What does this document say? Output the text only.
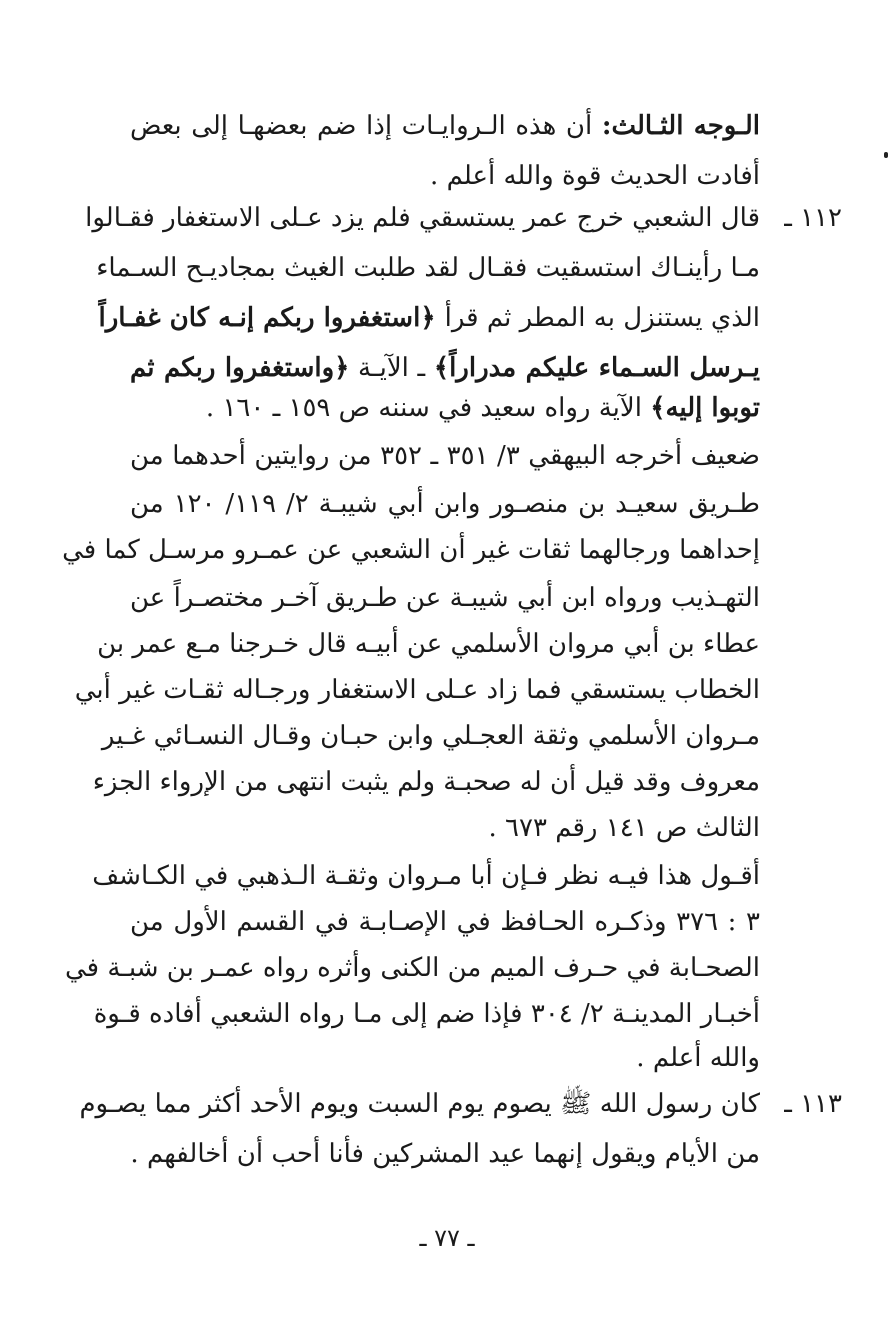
الـوجه الثـالث: أن هذه الـروايـات إذا ضم بعضهـا إلى بعض
أفادت الحديث قوة والله أعلم .
١١٢ ـ
قال الشعبي خرج عمر يستسقي فلم يزد عـلى الاستغفار فقـالوا
مـا رأينـاك استسقيت فقـال لقد طلبت الغيث بمجاديـح السـماء
الذي يستنزل به المطر ثم قرأ ﴿استغفروا ربكم إنـه كان غفـاراً
يـرسل السـماء عليكم مدراراً﴾ ـ الآيـة ﴿واستغفروا ربكم ثم
توبوا إليه﴾ الآية رواه سعيد في سننه ص ١٥٩ ـ ١٦٠ .
ضعيف أخرجه البيهقي ٣/ ٣٥١ ـ ٣٥٢ من روايتين أحدهما من
طـريق سعيـد بن منصـور وابن أبي شيبـة ٢/ ١١٩/ ١٢٠ من
إحداهما ورجالهما ثقات غير أن الشعبي عن عمـرو مرسـل كما في
التهـذيب ورواه ابن أبي شيبـة عن طـريق آخـر مختصـراً عن
عطاء بن أبي مروان الأسلمي عن أبيـه قال خـرجنا مـع عمر بن
الخطاب يستسقي فما زاد عـلى الاستغفار ورجـاله ثقـات غير أبي
مـروان الأسلمي وثقة العجـلي وابن حبـان وقـال النسـائي غـير
معروف وقد قيل أن له صحبـة ولم يثبت انتهى من الإرواء الجزء
الثالث ص ١٤١ رقم ٦٧٣ .
أقـول هذا فيـه نظر فـإن أبا مـروان وثقـة الـذهبي في الكـاشف
٣ : ٣٧٦ وذكـره الحـافظ في الإصـابـة في القسم الأول من
الصحـابة في حـرف الميم من الكنى وأثره رواه عمـر بن شبـة في
أخبـار المدينـة ٢/ ٣٠٤ فإذا ضم إلى مـا رواه الشعبي أفاده قـوة
والله أعلم .
١١٣ ـ
كان رسول الله ﷺ يصوم يوم السبت ويوم الأحد أكثر مما يصـوم
من الأيام ويقول إنهما عيد المشركين فأنا أحب أن أخالفهم .
ـ ٧٧ ـ
